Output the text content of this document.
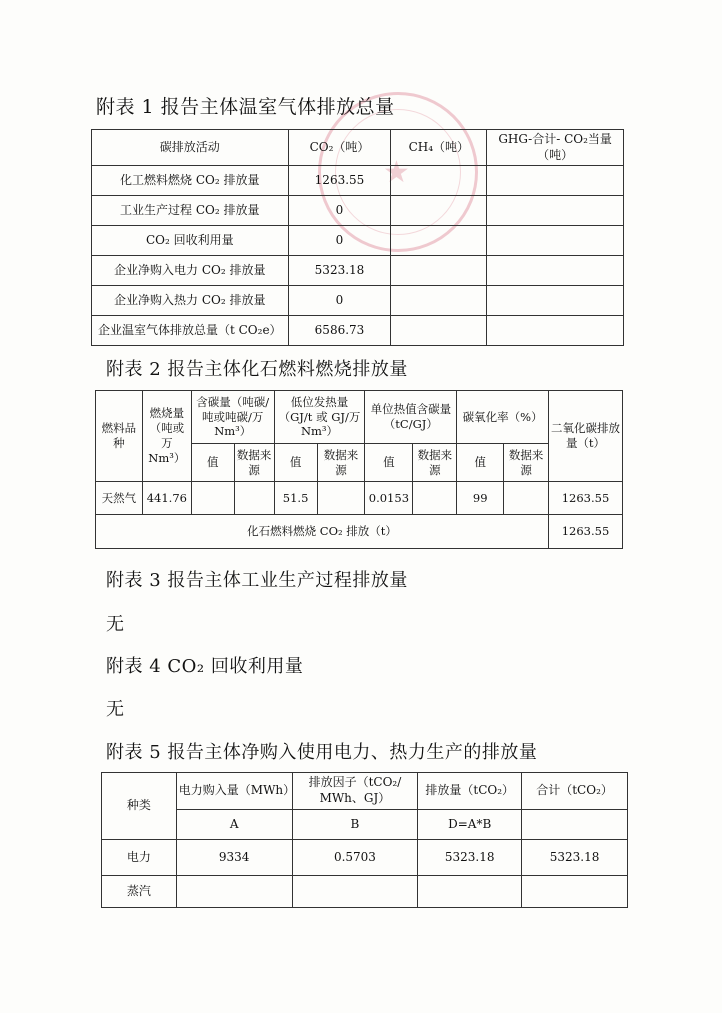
★
附表 1 报告主体温室气体排放总量
碳排放活动	CO₂（吨）	CH₄（吨）	GHG-合计- CO₂当量（吨）
化工燃料燃烧 CO₂ 排放量	1263.55		
工业生产过程 CO₂ 排放量	0		
CO₂ 回收利用量	0		
企业净购入电力 CO₂ 排放量	5323.18		
企业净购入热力 CO₂ 排放量	0		
企业温室气体排放总量（t CO₂e）	6586.73		
附表 2 报告主体化石燃料燃烧排放量
燃料品种	燃烧量（吨或万 Nm³）	含碳量（吨碳/吨或吨碳/万 Nm³）		低位发热量（GJ/t 或 GJ/万 Nm³）		单位热值含碳量（tC/GJ）		碳氧化率（%）		二氧化碳排放量（t）
		值	数据来源	值	数据来源	值	数据来源	值	数据来源	
天然气	441.76			51.5		0.0153		99		1263.55
化石燃料燃烧 CO₂ 排放（t）										1263.55
附表 3 报告主体工业生产过程排放量
无
附表 4 CO₂ 回收利用量
无
附表 5 报告主体净购入使用电力、热力生产的排放量
种类	电力购入量（MWh）	排放因子（tCO₂/ MWh、GJ）	排放量（tCO₂）	合计（tCO₂）
	A	B	D=A*B	
电力	9334	0.5703	5323.18	5323.18
蒸汽				
